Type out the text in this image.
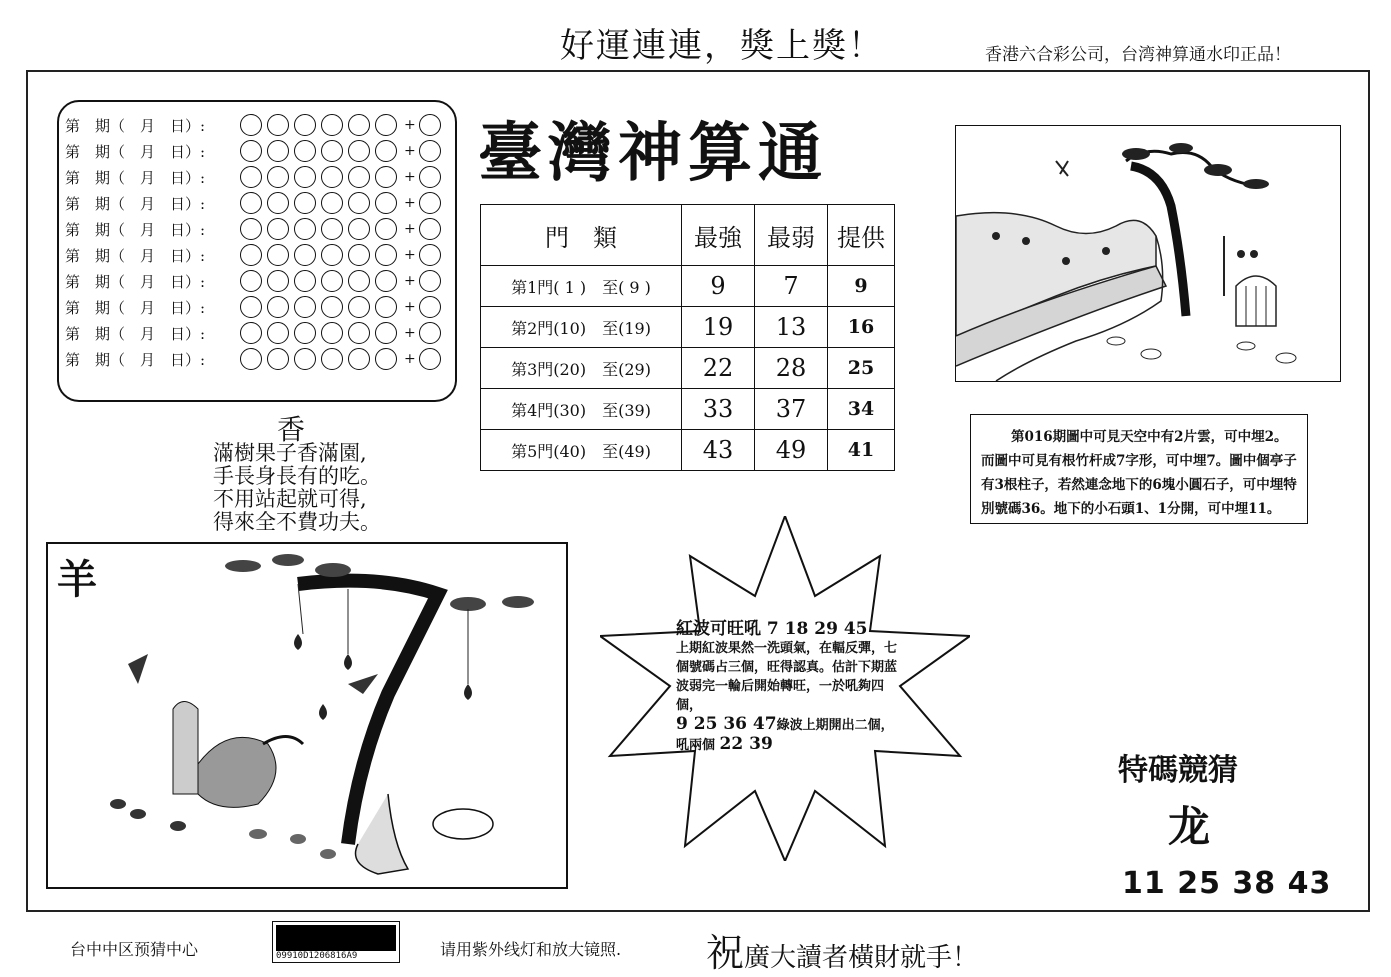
好運連連，獎上獎！	香港六合彩公司，台湾神算通水印正品！
第　期（　月　日）:	+
第　期（　月　日）:	+
第　期（　月　日）:	+
第　期（　月　日）:	+
第　期（　月　日）:	+
第　期（　月　日）:	+
第　期（　月　日）:	+
第　期（　月　日）:	+
第　期（　月　日）:	+
第　期（　月　日）:	+
臺灣神算通
門　類	最強	最弱	提供
第1門( 1 )　至( 9 )	9	7	9
第2門(10)　至(19)	19	13	16
第3門(20)　至(29)	22	28	25
第4門(30)　至(39)	33	37	34
第5門(40)　至(49)	43	49	41
香
滿樹果子香滿園,
手長身長有的吃。
不用站起就可得,
得來全不費功夫。
第016期圖中可見天空中有2片雲，可中埋2。而圖中可見有根竹杆成7字形，可中埋7。圖中個亭子有3根柱子，若然連念地下的6塊小圓石子，可中埋特別號碼36。地下的小石頭1、1分開，可中埋11。
羊
紅波可旺吼 7 18 29 45
上期紅波果然一洗頭氣，在輻反彈，七個號碼占三個，旺得認真。估計下期蓝波弱完一輪后開始轉旺，一於吼夠四個，
9 25 36 47綠波上期開出二個，吼兩個 22 39
特碼競猜
龙
11 25 38 43
台中中区预猜中心	09910D1206816A9	请用紫外线灯和放大镜照. 祝廣大讀者橫財就手！
